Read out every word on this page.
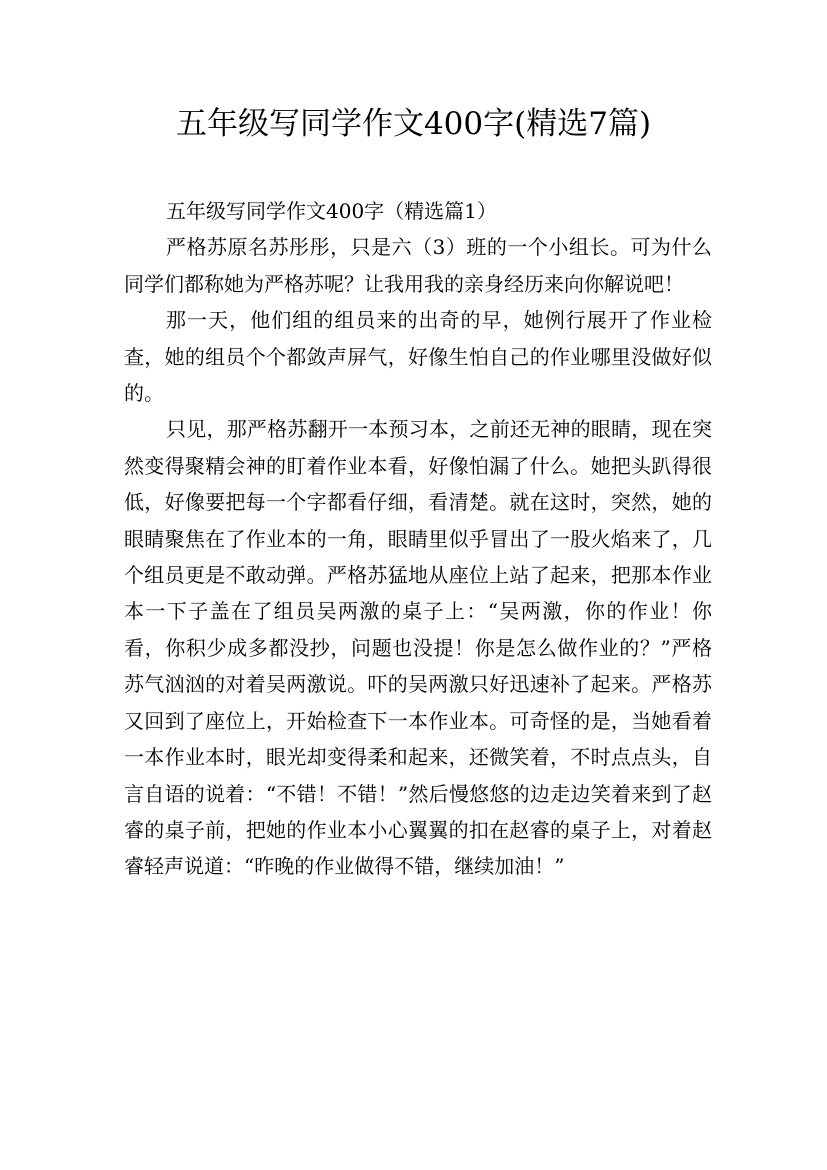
五年级写同学作文400字(精选7篇)

五年级写同学作文400字（精选篇1）

严格苏原名苏彤彤，只是六（3）班的一个小组长。可为什么同学们都称她为严格苏呢？让我用我的亲身经历来向你解说吧！

那一天，他们组的组员来的出奇的早，她例行展开了作业检查，她的组员个个都敛声屏气，好像生怕自己的作业哪里没做好似的。

只见，那严格苏翻开一本预习本，之前还无神的眼睛，现在突然变得聚精会神的盯着作业本看，好像怕漏了什么。她把头趴得很低，好像要把每一个字都看仔细，看清楚。就在这时，突然，她的眼睛聚焦在了作业本的一角，眼睛里似乎冒出了一股火焰来了，几个组员更是不敢动弹。严格苏猛地从座位上站了起来，把那本作业本一下子盖在了组员吴两激的桌子上：“吴两激，你的作业！你看，你积少成多都没抄，问题也没提！你是怎么做作业的？”严格苏气汹汹的对着吴两激说。吓的吴两激只好迅速补了起来。严格苏又回到了座位上，开始检查下一本作业本。可奇怪的是，当她看着一本作业本时，眼光却变得柔和起来，还微笑着，不时点点头，自言自语的说着：“不错！不错！”然后慢悠悠的边走边笑着来到了赵睿的桌子前，把她的作业本小心翼翼的扣在赵睿的桌子上，对着赵睿轻声说道：“昨晚的作业做得不错，继续加油！”
